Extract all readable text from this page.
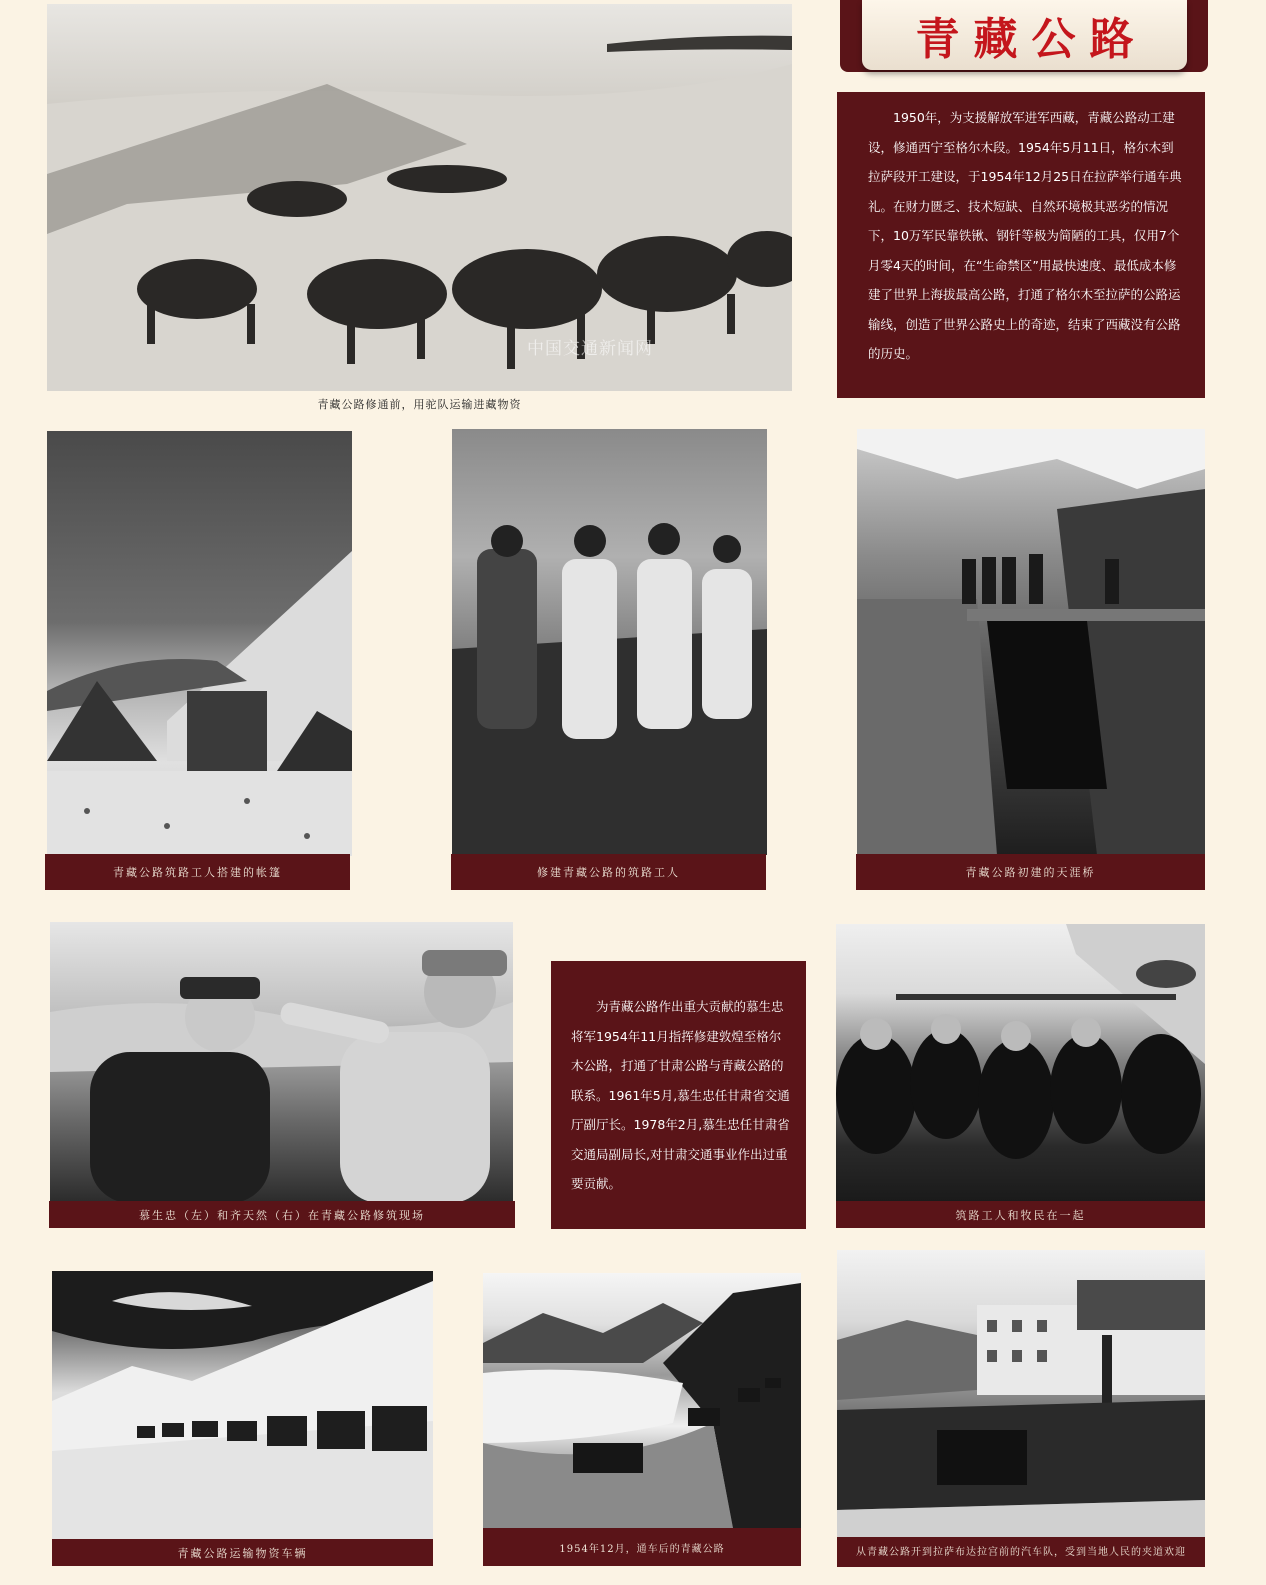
青藏公路
中国交通新闻网
青藏公路修通前，用驼队运输进藏物资
1950年，为支援解放军进军西藏，青藏公路动工建设，修通西宁至格尔木段。1954年5月11日，格尔木到拉萨段开工建设，于1954年12月25日在拉萨举行通车典礼。在财力匮乏、技术短缺、自然环境极其恶劣的情况下，10万军民靠铁锹、钢钎等极为简陋的工具，仅用7个月零4天的时间，在“生命禁区”用最快速度、最低成本修建了世界上海拔最高公路，打通了格尔木至拉萨的公路运输线，创造了世界公路史上的奇迹，结束了西藏没有公路的历史。
青藏公路筑路工人搭建的帐篷	修建青藏公路的筑路工人	青藏公路初建的天涯桥
慕生忠（左）和齐天然（右）在青藏公路修筑现场
为青藏公路作出重大贡献的慕生忠将军1954年11月指挥修建敦煌至格尔木公路，打通了甘肃公路与青藏公路的联系。1961年5月,慕生忠任甘肃省交通厅副厅长。1978年2月,慕生忠任甘肃省交通局副局长,对甘肃交通事业作出过重要贡献。
筑路工人和牧民在一起
青藏公路运输物资车辆	1954年12月，通车后的青藏公路	从青藏公路开到拉萨布达拉宫前的汽车队，受到当地人民的夹道欢迎
